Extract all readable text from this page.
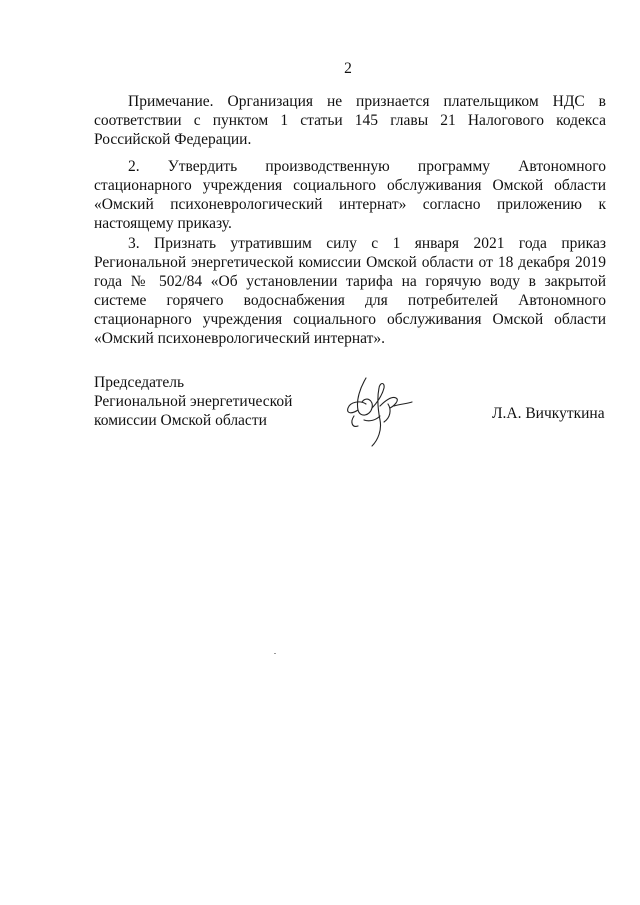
2

Примечание. Организация не признается плательщиком НДС в соответствии с пунктом 1 статьи 145 главы 21 Налогового кодекса Российской Федерации.

2. Утвердить производственную программу Автономного стационарного учреждения социального обслуживания Омской области «Омский психоневрологический интернат» согласно приложению к настоящему приказу.

3. Признать утратившим силу с 1 января 2021 года приказ Региональной энергетической комиссии Омской области от 18 декабря 2019 года № 502/84 «Об установлении тарифа на горячую воду в закрытой системе горячего водоснабжения для потребителей Автономного стационарного учреждения социального обслуживания Омской области «Омский психоневрологический интернат».

Председатель
Региональной энергетической
комиссии Омской области	Л.А. Вичкуткина
